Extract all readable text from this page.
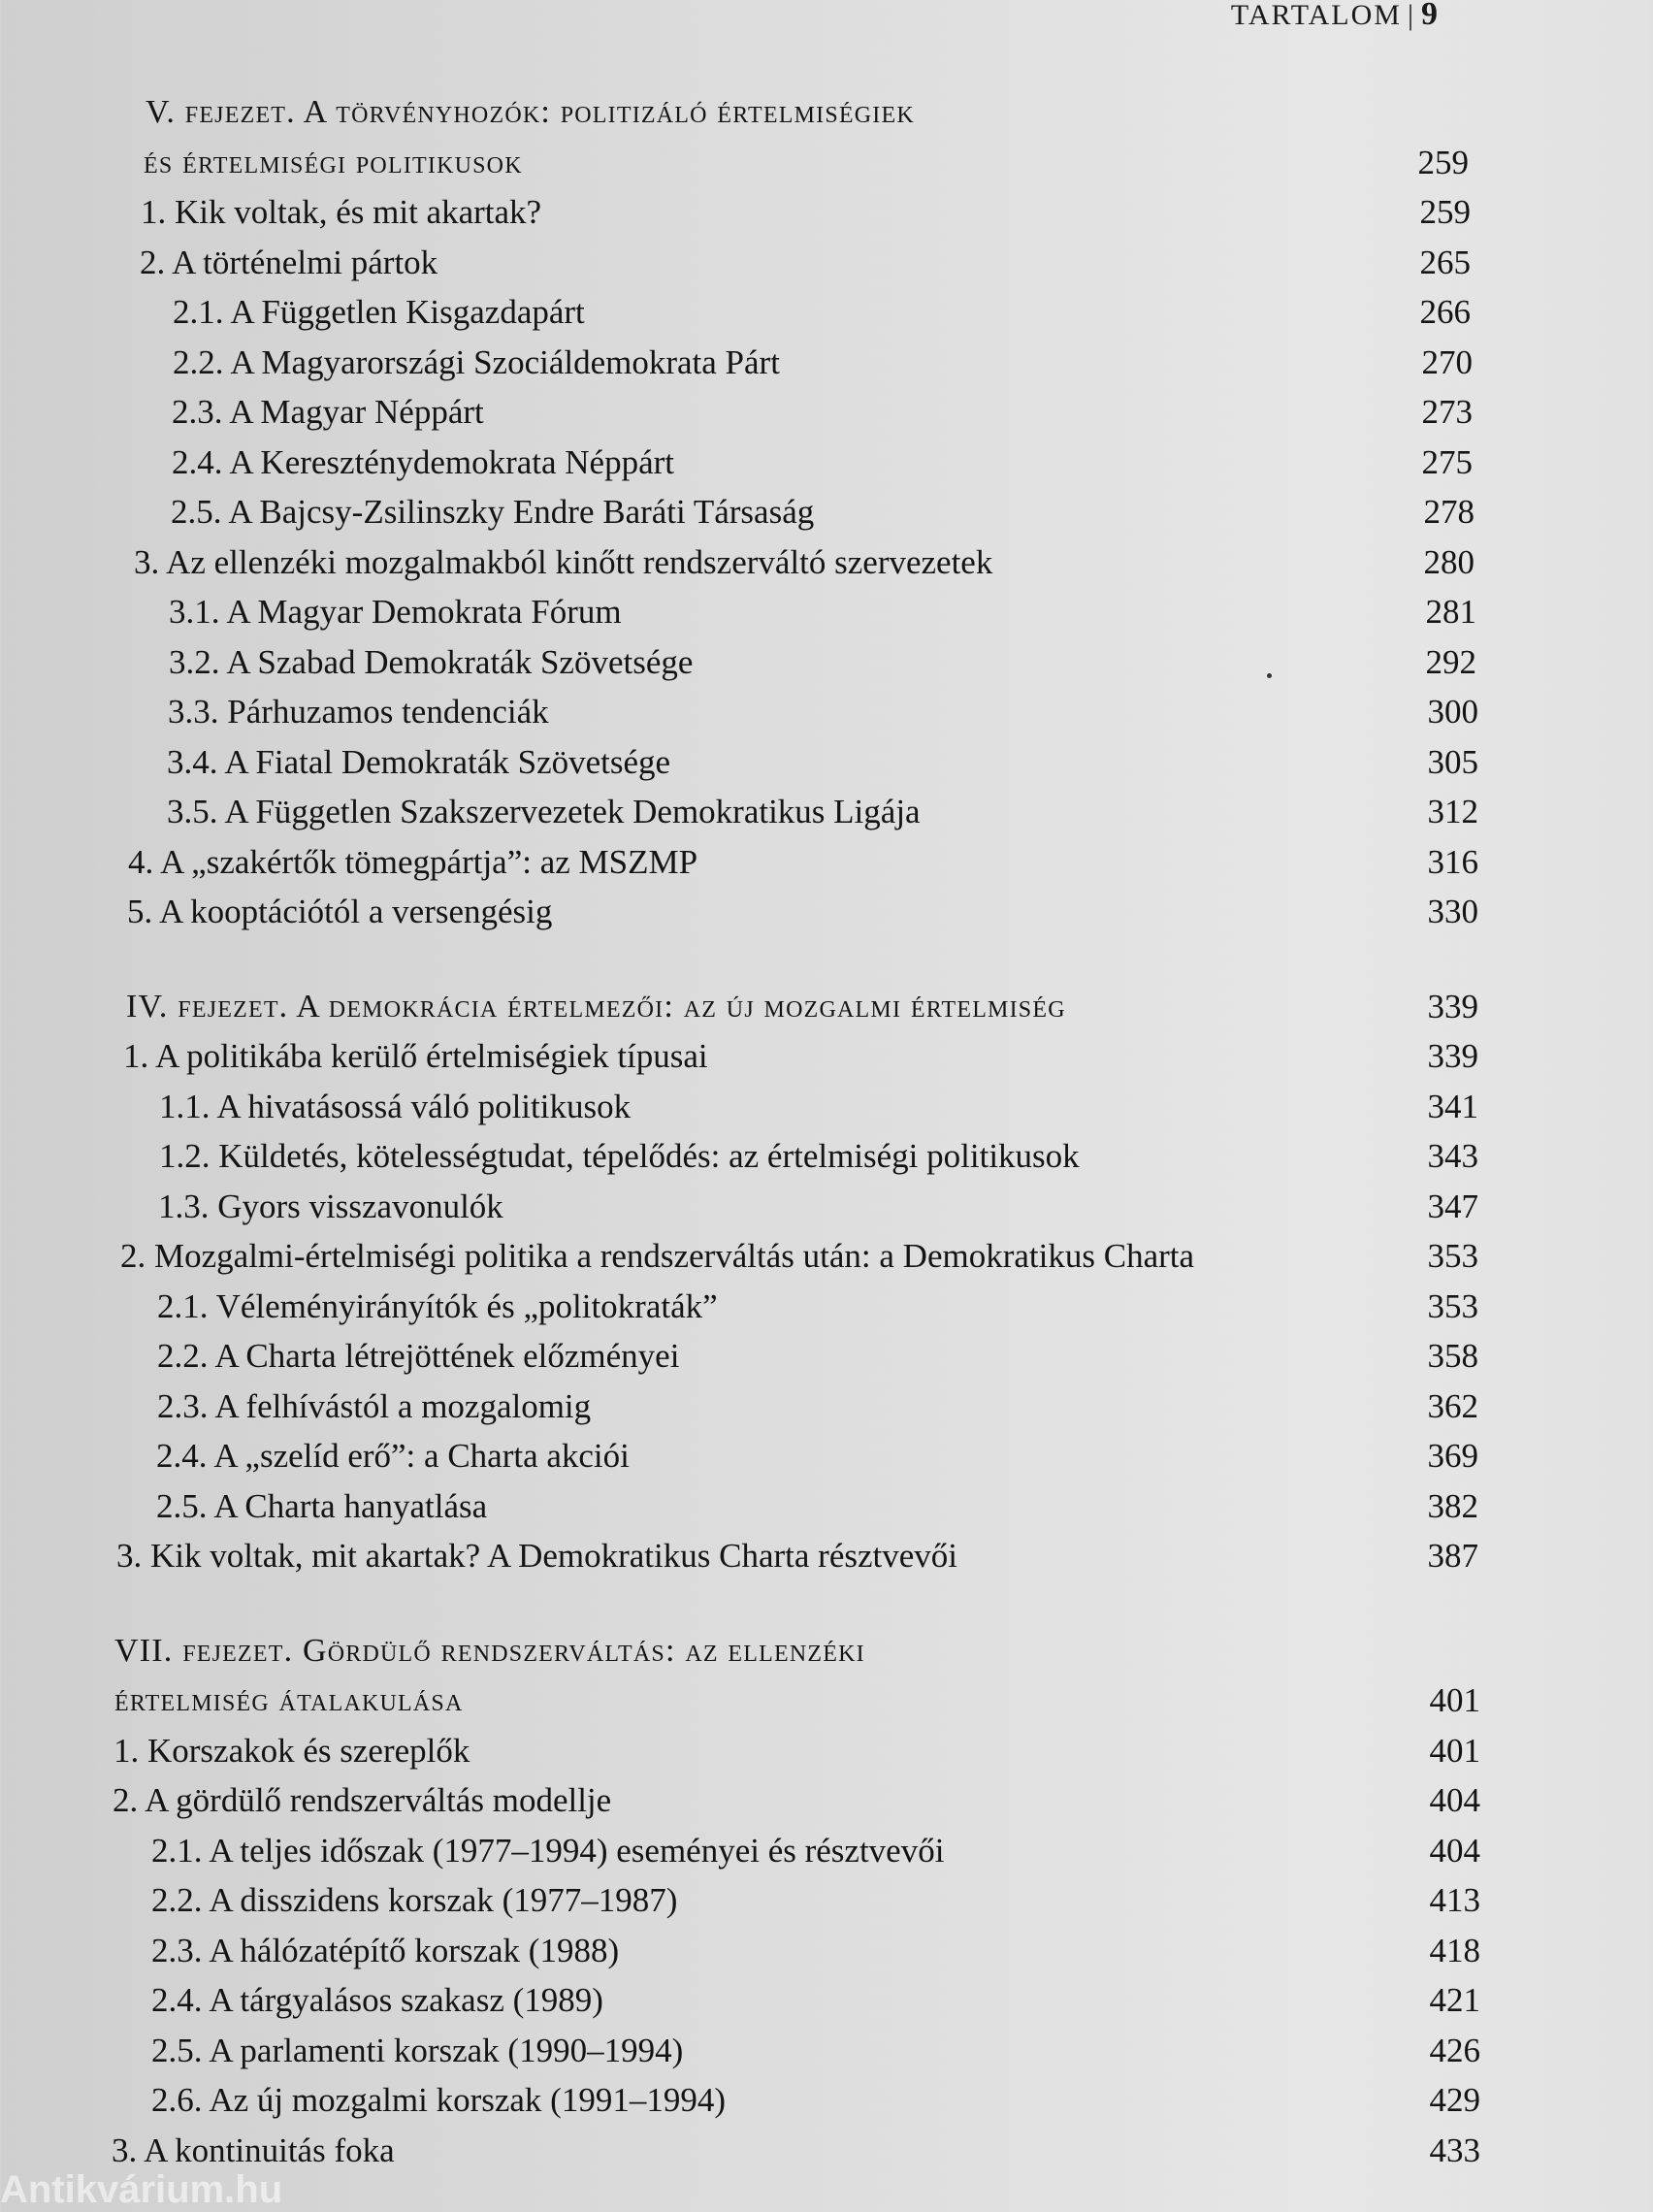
TARTALOM | 9
V. fejezet. A törvényhozók: politizáló értelmiségiek
és értelmiségi politikusok	259
1. Kik voltak, és mit akartak?	259
2. A történelmi pártok	265
2.1. A Független Kisgazdapárt	266
2.2. A Magyarországi Szociáldemokrata Párt	270
2.3. A Magyar Néppárt	273
2.4. A Kereszténydemokrata Néppárt	275
2.5. A Bajcsy-Zsilinszky Endre Baráti Társaság	278
3. Az ellenzéki mozgalmakból kinőtt rendszerváltó szervezetek	280
3.1. A Magyar Demokrata Fórum	281
3.2. A Szabad Demokraták Szövetsége	292
3.3. Párhuzamos tendenciák	300
3.4. A Fiatal Demokraták Szövetsége	305
3.5. A Független Szakszervezetek Demokratikus Ligája	312
4. A „szakértők tömegpártja”: az MSZMP	316
5. A kooptációtól a versengésig	330
IV. fejezet. A demokrácia értelmezői: az új mozgalmi értelmiség	339
1. A politikába kerülő értelmiségiek típusai	339
1.1. A hivatásossá váló politikusok	341
1.2. Küldetés, kötelességtudat, tépelődés: az értelmiségi politikusok	343
1.3. Gyors visszavonulók	347
2. Mozgalmi-értelmiségi politika a rendszerváltás után: a Demokratikus Charta	353
2.1. Véleményirányítók és „politokraták”	353
2.2. A Charta létrejöttének előzményei	358
2.3. A felhívástól a mozgalomig	362
2.4. A „szelíd erő”: a Charta akciói	369
2.5. A Charta hanyatlása	382
3. Kik voltak, mit akartak? A Demokratikus Charta résztvevői	387
VII. fejezet. Gördülő rendszerváltás: az ellenzéki
értelmiség átalakulása	401
1. Korszakok és szereplők	401
2. A gördülő rendszerváltás modellje	404
2.1. A teljes időszak (1977–1994) eseményei és résztvevői	404
2.2. A disszidens korszak (1977–1987)	413
2.3. A hálózatépítő korszak (1988)	418
2.4. A tárgyalásos szakasz (1989)	421
2.5. A parlamenti korszak (1990–1994)	426
2.6. Az új mozgalmi korszak (1991–1994)	429
3. A kontinuitás foka	433
Antikvárium.hu
